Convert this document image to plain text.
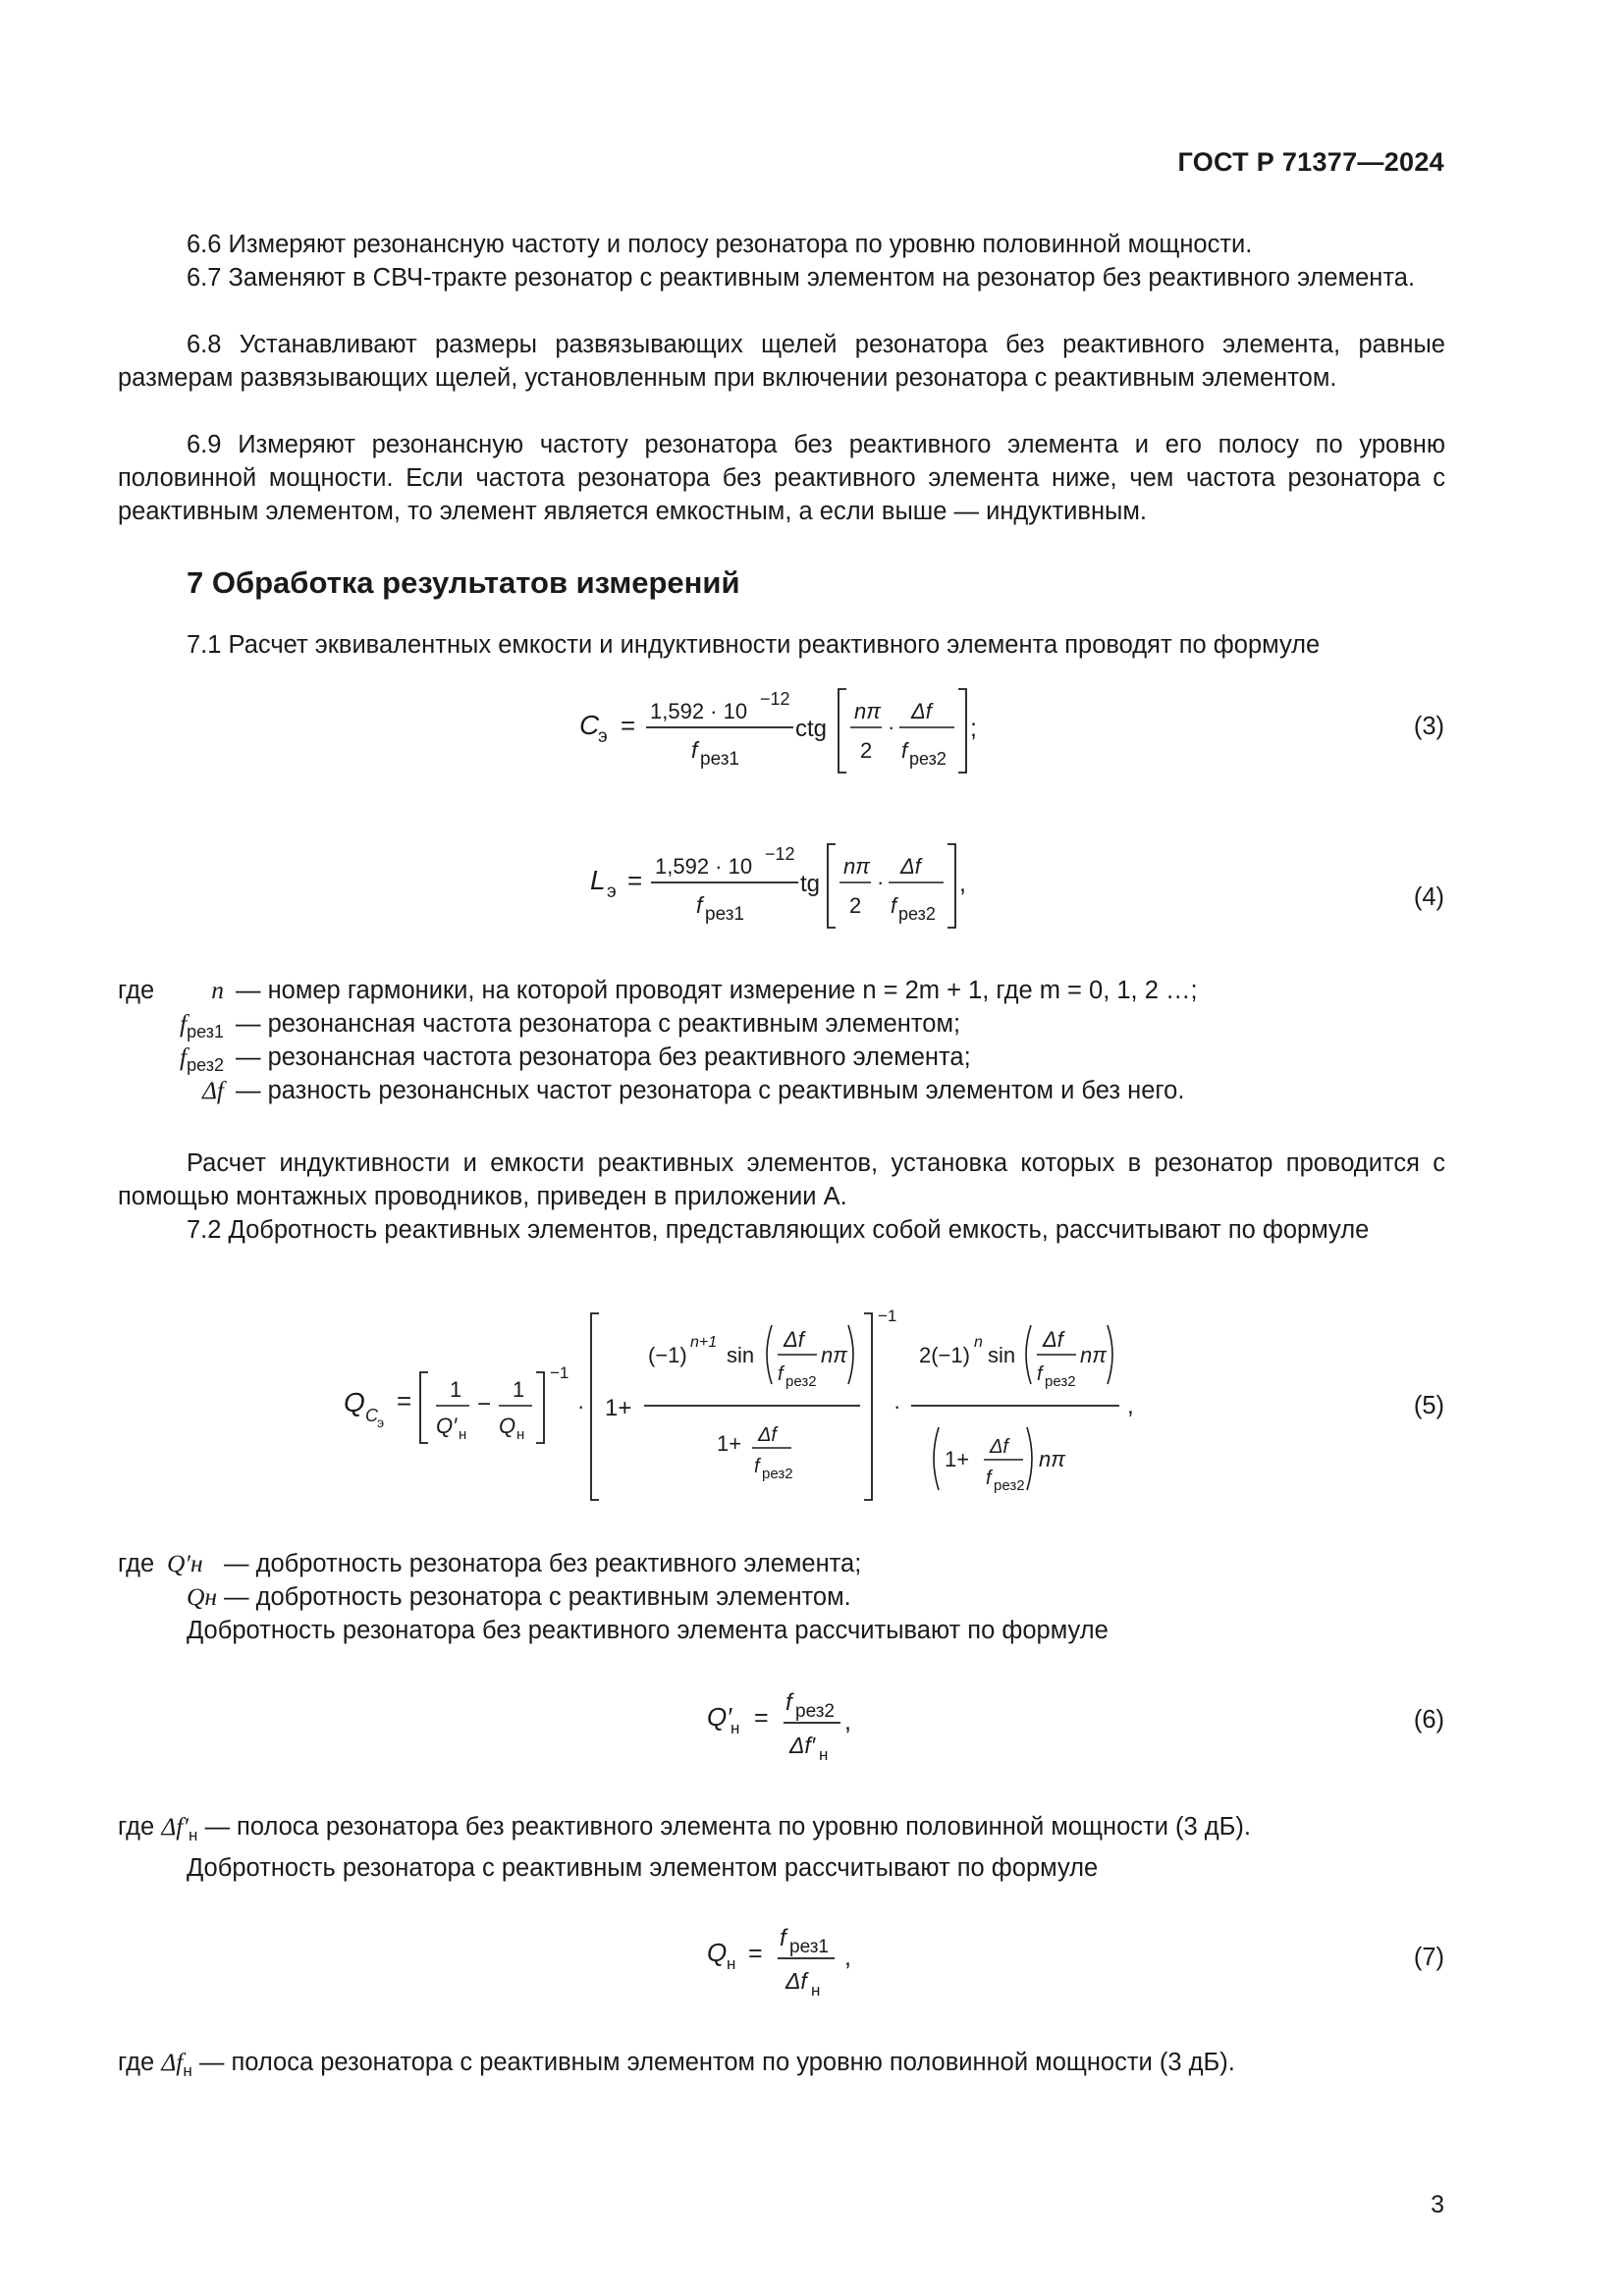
ГОСТ Р 71377—2024
6.6 Измеряют резонансную частоту и полосу резонатора по уровню половинной мощности.
6.7 Заменяют в СВЧ-тракте резонатор с реактивным элементом на резонатор без реактивного элемента.
6.8 Устанавливают размеры развязывающих щелей резонатора без реактивного элемента, равные размерам развязывающих щелей, установленным при включении резонатора с реактивным элементом.
6.9 Измеряют резонансную частоту резонатора без реактивного элемента и его полосу по уровню половинной мощности. Если частота резонатора без реактивного элемента ниже, чем частота резонатора с реактивным элементом, то элемент является емкостным, а если выше — индуктивным.
7 Обработка результатов измерений
7.1 Расчет эквивалентных емкости и индуктивности реактивного элемента проводят по формуле
C
э = 1,592 · 10 −12
f рез1
ctg
nπ
2
·
Δf
f рез2
;	(3)
L э = 1,592 · 10 −12
f рез1
tg
nπ
2
·
Δf
f рез2
,	(4)
где	n — номер гармоники, на которой проводят измерение n = 2m + 1, где m = 0, 1, 2 …;
$f_{рез1}$ — резонансная частота резонатора с реактивным элементом;
$f_{рез2}$ — резонансная частота резонатора без реактивного элемента;
Δf — разность резонансных частот резонатора с реактивным элементом и без него.
Расчет индуктивности и емкости реактивных элементов, установка которых в резонатор проводится с помощью монтажных проводников, приведен в приложении А.
7.2 Добротность реактивных элементов, представляющих собой емкость, рассчитывают по формуле
Q C э
= 1
Q′ н
−
1
Q н
−1
· 1+
(−1)
n+1
sin
Δf
f рез2
nπ
1+ Δf
f рез2
−1
·
2(−1)
n
sin
Δf
f рез2
nπ
1+ Δf
f рез2
nπ
,	(5)
где Q′н — добротность резонатора без реактивного элемента;
Qн — добротность резонатора с реактивным элементом.
Добротность резонатора без реактивного элемента рассчитывают по формуле
Q′
н =
f рез2
Δf′ н
,	(6)
где $\Delta f'_н$ — полоса резонатора без реактивного элемента по уровню половинной мощности (3 дБ).
Добротность резонатора с реактивным элементом рассчитывают по формуле
Q н =
f рез1
Δf н
,	(7)
где $\Delta f_н$ — полоса резонатора с реактивным элементом по уровню половинной мощности (3 дБ).
3
